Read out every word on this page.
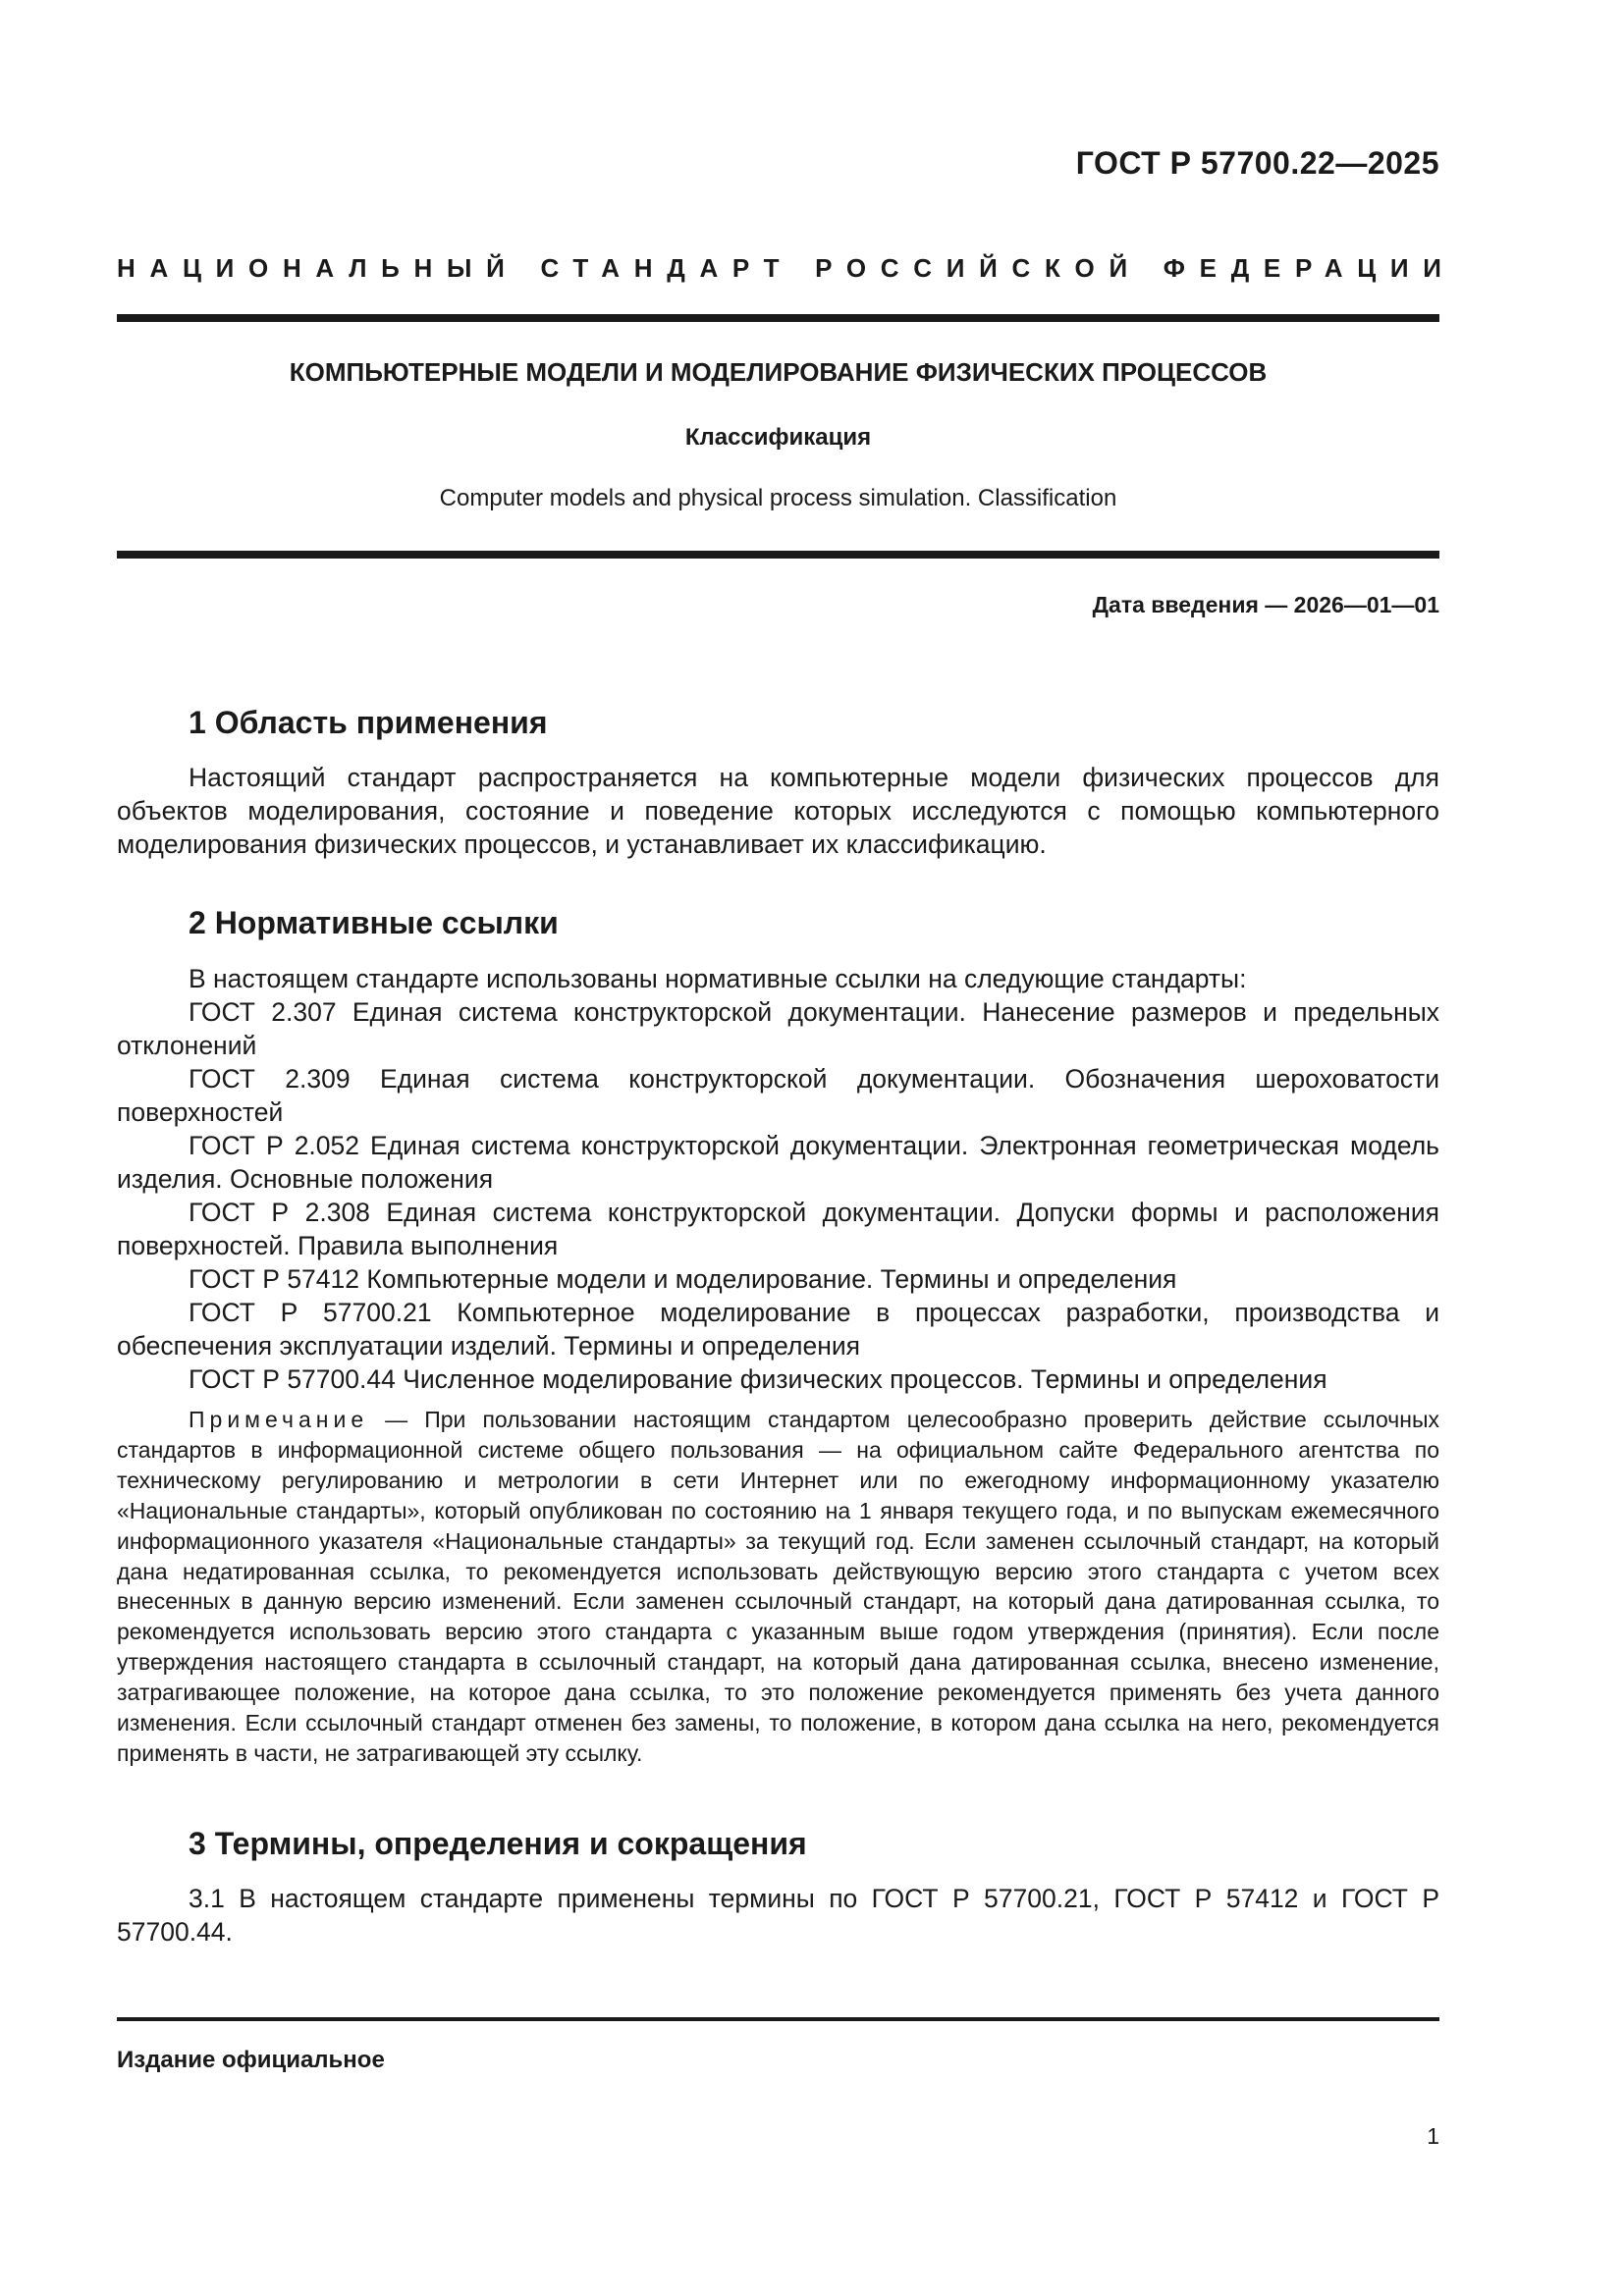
ГОСТ Р 57700.22—2025
НАЦИОНАЛЬНЫЙ СТАНДАРТ РОССИЙСКОЙ ФЕДЕРАЦИИ
КОМПЬЮТЕРНЫЕ МОДЕЛИ И МОДЕЛИРОВАНИЕ ФИЗИЧЕСКИХ ПРОЦЕССОВ
Классификация
Computer models and physical process simulation. Classification
Дата введения — 2026—01—01
1 Область применения

Настоящий стандарт распространяется на компьютерные модели физических процессов для объектов моделирования, состояние и поведение которых исследуются с помощью компьютерного моделирования физических процессов, и устанавливает их классификацию.

2 Нормативные ссылки

В настоящем стандарте использованы нормативные ссылки на следующие стандарты:

ГОСТ 2.307 Единая система конструкторской документации. Нанесение размеров и предельных отклонений

ГОСТ 2.309 Единая система конструкторской документации. Обозначения шероховатости поверхностей

ГОСТ Р 2.052 Единая система конструкторской документации. Электронная геометрическая модель изделия. Основные положения

ГОСТ Р 2.308 Единая система конструкторской документации. Допуски формы и расположения поверхностей. Правила выполнения

ГОСТ Р 57412 Компьютерные модели и моделирование. Термины и определения

ГОСТ Р 57700.21 Компьютерное моделирование в процессах разработки, производства и обеспечения эксплуатации изделий. Термины и определения

ГОСТ Р 57700.44 Численное моделирование физических процессов. Термины и определения

Примечание — При пользовании настоящим стандартом целесообразно проверить действие ссылочных стандартов в информационной системе общего пользования — на официальном сайте Федерального агентства по техническому регулированию и метрологии в сети Интернет или по ежегодному информационному указателю «Национальные стандарты», который опубликован по состоянию на 1 января текущего года, и по выпускам ежемесячного информационного указателя «Национальные стандарты» за текущий год. Если заменен ссылочный стандарт, на который дана недатированная ссылка, то рекомендуется использовать действующую версию этого стандарта с учетом всех внесенных в данную версию изменений. Если заменен ссылочный стандарт, на который дана датированная ссылка, то рекомендуется использовать версию этого стандарта с указанным выше годом утверждения (принятия). Если после утверждения настоящего стандарта в ссылочный стандарт, на который дана датированная ссылка, внесено изменение, затрагивающее положение, на которое дана ссылка, то это положение рекомендуется применять без учета данного изменения. Если ссылочный стандарт отменен без замены, то положение, в котором дана ссылка на него, рекомендуется применять в части, не затрагивающей эту ссылку.

3 Термины, определения и сокращения

3.1 В настоящем стандарте применены термины по ГОСТ Р 57700.21, ГОСТ Р 57412 и ГОСТ Р 57700.44.

Издание официальное
1
